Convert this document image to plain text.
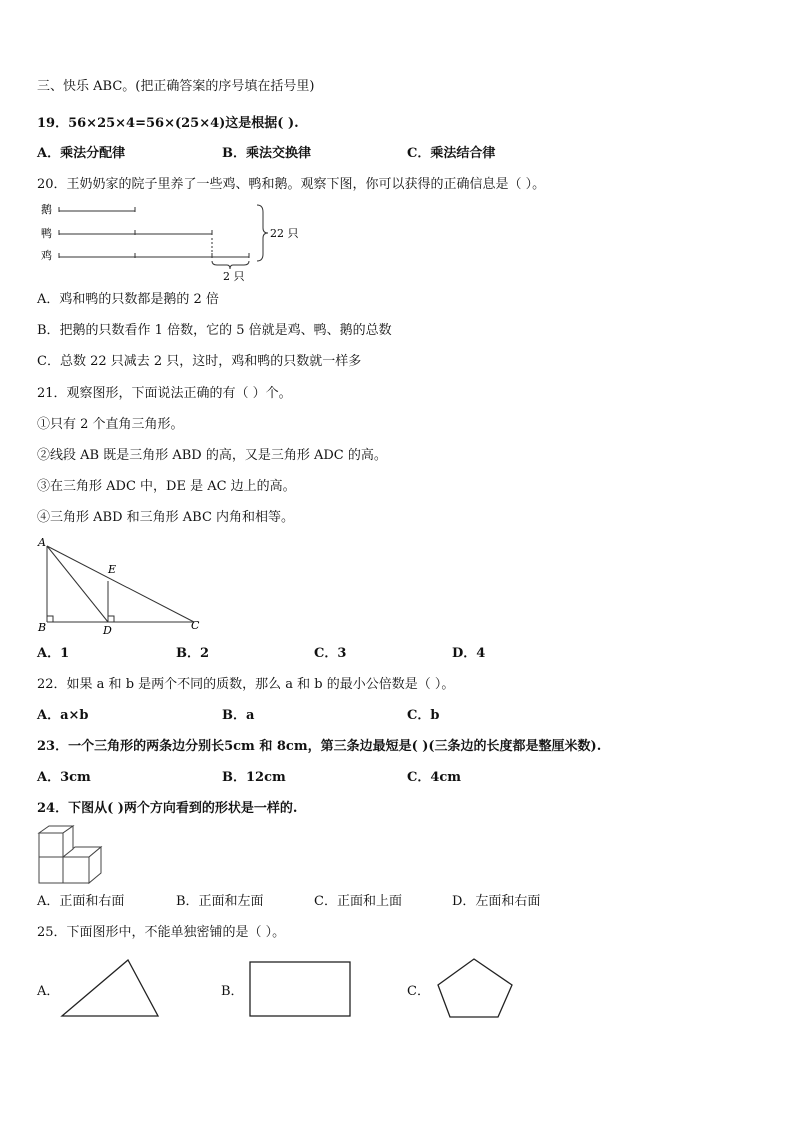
三、快乐 ABC。(把正确答案的序号填在括号里)
19．56×25×4=56×(25×4)这是根据( ).
A．乘法分配律	B．乘法交换律	C．乘法结合律
20．王奶奶家的院子里养了一些鸡、鸭和鹅。观察下图，你可以获得的正确信息是（ ）。
鹅
鸭
鸡
22 只
2 只
A．鸡和鸭的只数都是鹅的 2 倍
B．把鹅的只数看作 1 倍数，它的 5 倍就是鸡、鸭、鹅的总数
C．总数 22 只减去 2 只，这时，鸡和鸭的只数就一样多
21．观察图形，下面说法正确的有（ ）个。
①只有 2 个直角三角形。
②线段 AB 既是三角形 ABD 的高，又是三角形 ADC 的高。
③在三角形 ADC 中，DE 是 AC 边上的高。
④三角形 ABD 和三角形 ABC 内角和相等。
A
B	D
E
C
A．1	B．2	C．3	D．4
22．如果 a 和 b 是两个不同的质数，那么 a 和 b 的最小公倍数是（ ）。
A．a×b	B．a	C．b
23．一个三角形的两条边分别长5cm 和 8cm，第三条边最短是( )(三条边的长度都是整厘米数).
A．3cm	B．12cm	C．4cm
24．下图从( )两个方向看到的形状是一样的.
A．正面和右面	B．正面和左面	C．正面和上面	D．左面和右面
25．下面图形中，不能单独密铺的是（ ）。
A．	B．	C．
